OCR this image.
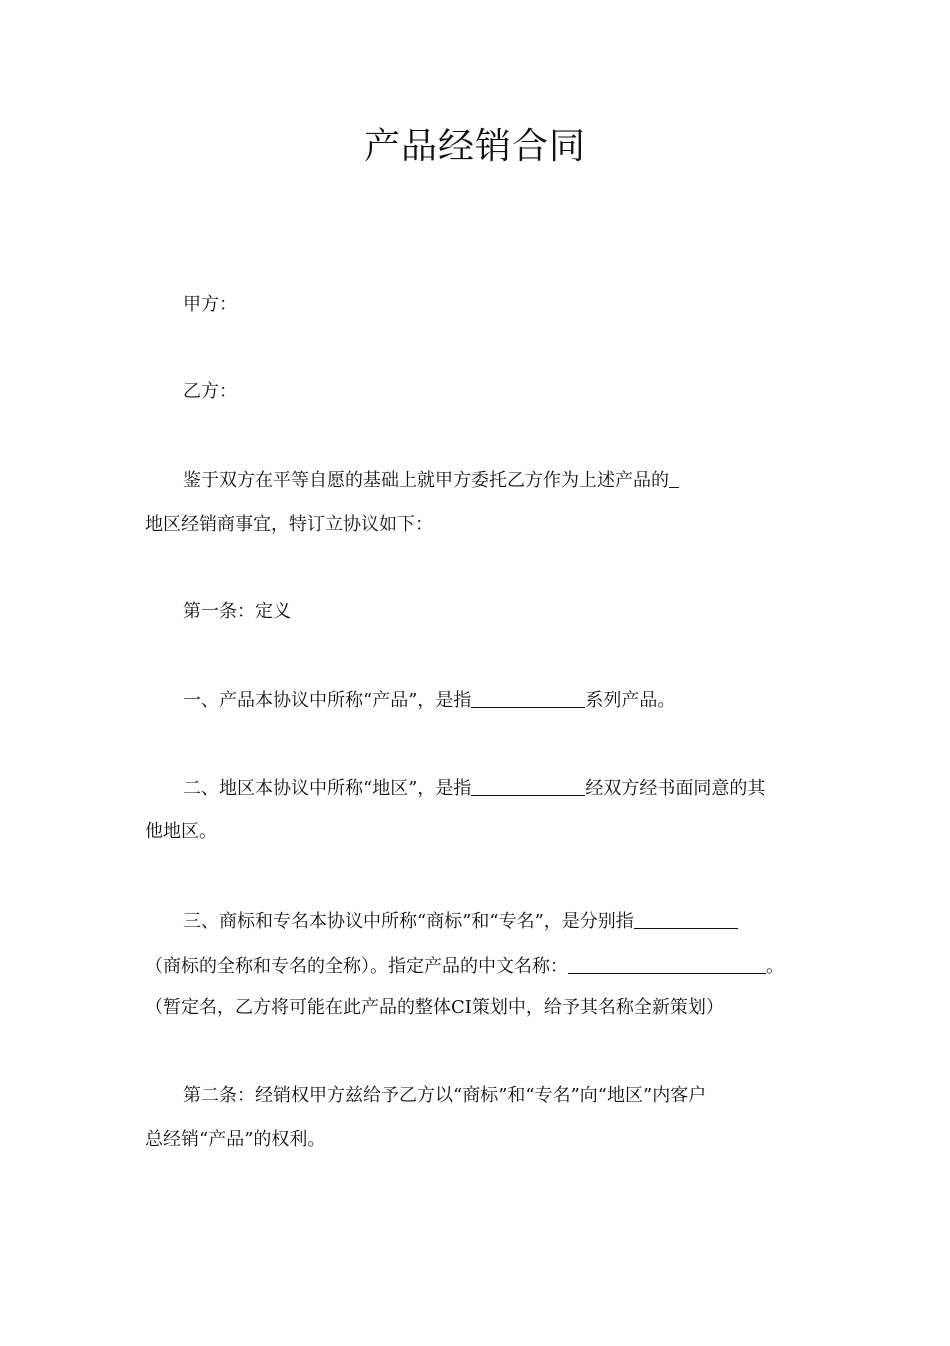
产品经销合同
甲方：
乙方：
鉴于双方在平等自愿的基础上就甲方委托乙方作为上述产品的
地区经销商事宜，特订立协议如下：
第一条：定义
一、产品本协议中所称“产品”，是指	系列产品。
二、地区本协议中所称“地区”，是指	经双方经书面同意的其
他地区。
三、商标和专名本协议中所称“商标”和“专名”，是分别指
（商标的全称和专名的全称）。指定产品的中文名称：	。
（暂定名，乙方将可能在此产品的整体CI策划中，给予其名称全新策划）
第二条：经销权甲方兹给予乙方以“商标”和“专名”向“地区”内客户
总经销“产品”的权利。
